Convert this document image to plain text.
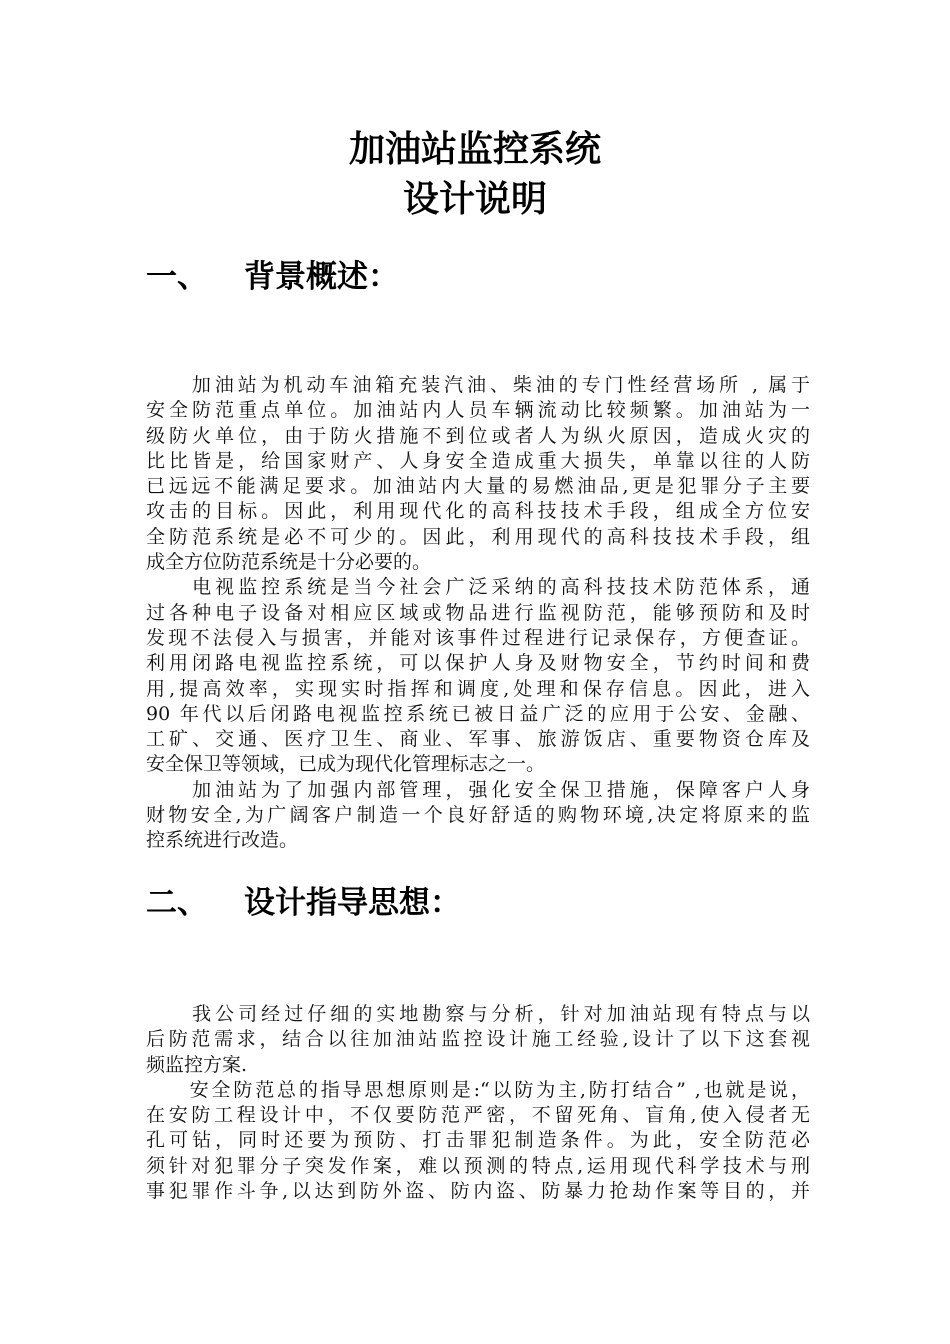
加油站监控系统
设计说明
一、 背景概述：
　　加油站为机动车油箱充装汽油、柴油的专门性经营场所 , 属于
安全防范重点单位。加油站内人员车辆流动比较频繁。加油站为一
级防火单位，由于防火措施不到位或者人为纵火原因，造成火灾的
比比皆是，给国家财产、人身安全造成重大损失，单靠以往的人防
已远远不能满足要求。加油站内大量的易燃油品,更是犯罪分子主要
攻击的目标。因此，利用现代化的高科技技术手段，组成全方位安
全防范系统是必不可少的。因此，利用现代的高科技技术手段，组
成全方位防范系统是十分必要的。
　　电视监控系统是当今社会广泛采纳的高科技技术防范体系，通
过各种电子设备对相应区域或物品进行监视防范，能够预防和及时
发现不法侵入与损害，并能对该事件过程进行记录保存，方便查证。
利用闭路电视监控系统，可以保护人身及财物安全，节约时间和费
用,提高效率，实现实时指挥和调度,处理和保存信息。因此，进入
90 年代以后闭路电视监控系统已被日益广泛的应用于公安、金融、
工矿、交通、医疗卫生、商业、军事、旅游饭店、重要物资仓库及
安全保卫等领域，已成为现代化管理标志之一。
　　加油站为了加强内部管理，强化安全保卫措施，保障客户人身
财物安全,为广阔客户制造一个良好舒适的购物环境,决定将原来的监
控系统进行改造。
二、 设计指导思想：
　　我公司经过仔细的实地勘察与分析，针对加油站现有特点与以
后防范需求，结合以往加油站监控设计施工经验,设计了以下这套视
频监控方案.
　　安全防范总的指导思想原则是:“以防为主,防打结合” ,也就是说，
在安防工程设计中，不仅要防范严密，不留死角、盲角,使入侵者无
孔可钻，同时还要为预防、打击罪犯制造条件。为此，安全防范必
须针对犯罪分子突发作案，难以预测的特点,运用现代科学技术与刑
事犯罪作斗争,以达到防外盗、防内盗、防暴力抢劫作案等目的，并
